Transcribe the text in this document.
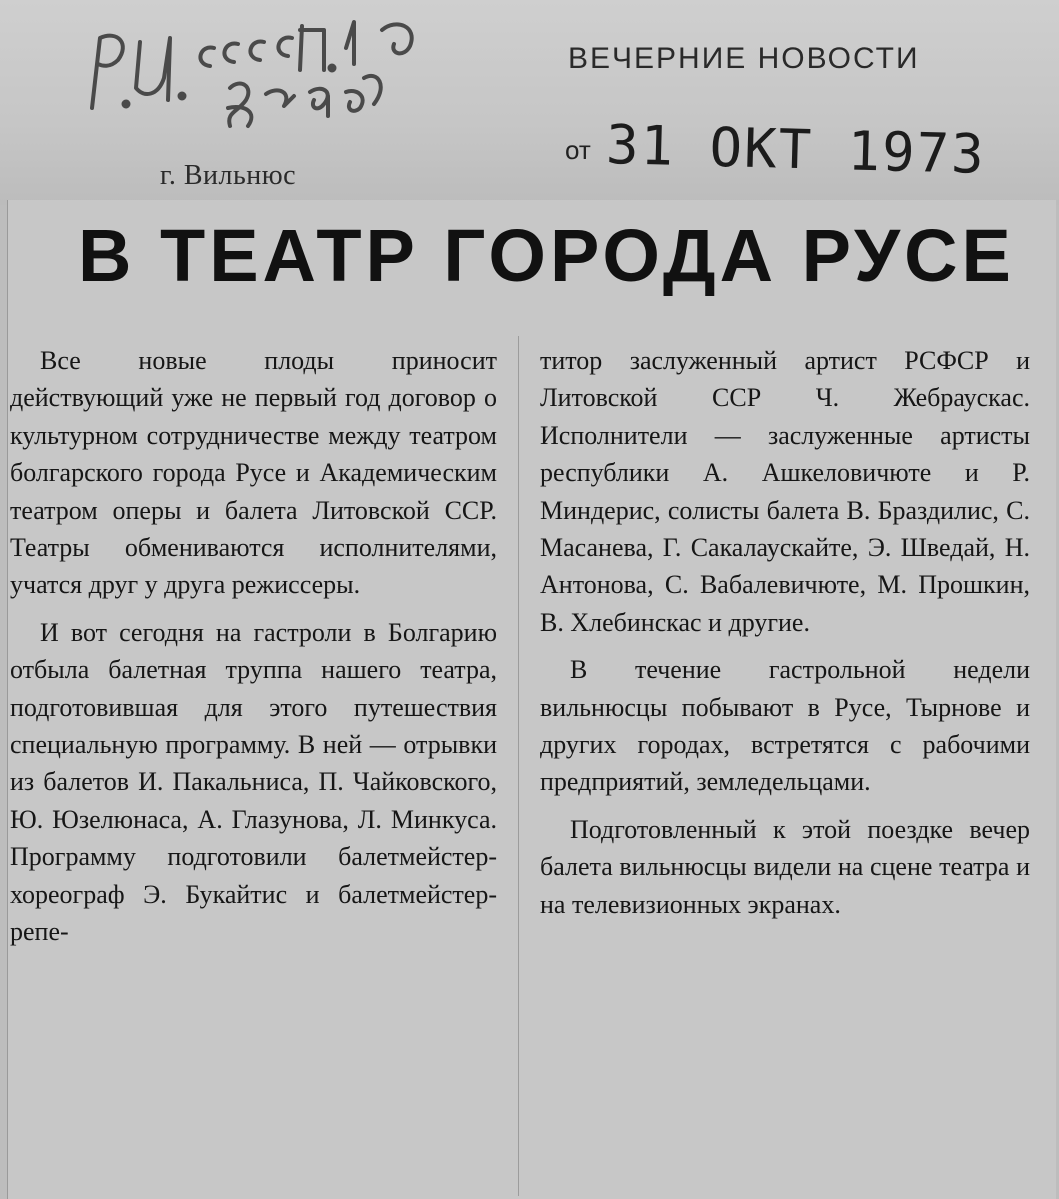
ВЕЧЕРНИЕ НОВОСТИ
г. Вильнюс
от 31 ОКТ 1973
В ТЕАТР ГОРОДА РУСЕ

Все новые плоды приносит действующий уже не первый год договор о культурном сотрудничестве между театром болгарского города Русе и Академическим театром оперы и балета Литовской ССР. Театры обмениваются исполнителями, учатся друг у друга режиссеры.

И вот сегодня на гастроли в Болгарию отбыла балетная труппа нашего театра, подготовившая для этого путешествия специальную программу. В ней — отрывки из балетов И. Пакальниса, П. Чайковского, Ю. Юзелюнаса, А. Глазунова, Л. Минкуса. Программу подготовили балетмейстер-хореограф Э. Букайтис и балетмейстер-репе-

титор заслуженный артист РСФСР и Литовской ССР Ч. Жебраускас. Исполнители — заслуженные артисты республики А. Ашкеловичюте и Р. Миндерис, солисты балета В. Браздилис, С. Масанева, Г. Сакалаускайте, Э. Шведай, Н. Антонова, С. Вабалевичюте, М. Прошкин, В. Хлебинскас и другие.

В течение гастрольной недели вильнюсцы побывают в Русе, Тырнове и других городах, встретятся с рабочими предприятий, земледельцами.

Подготовленный к этой поездке вечер балета вильнюсцы видели на сцене театра и на телевизионных экранах.
